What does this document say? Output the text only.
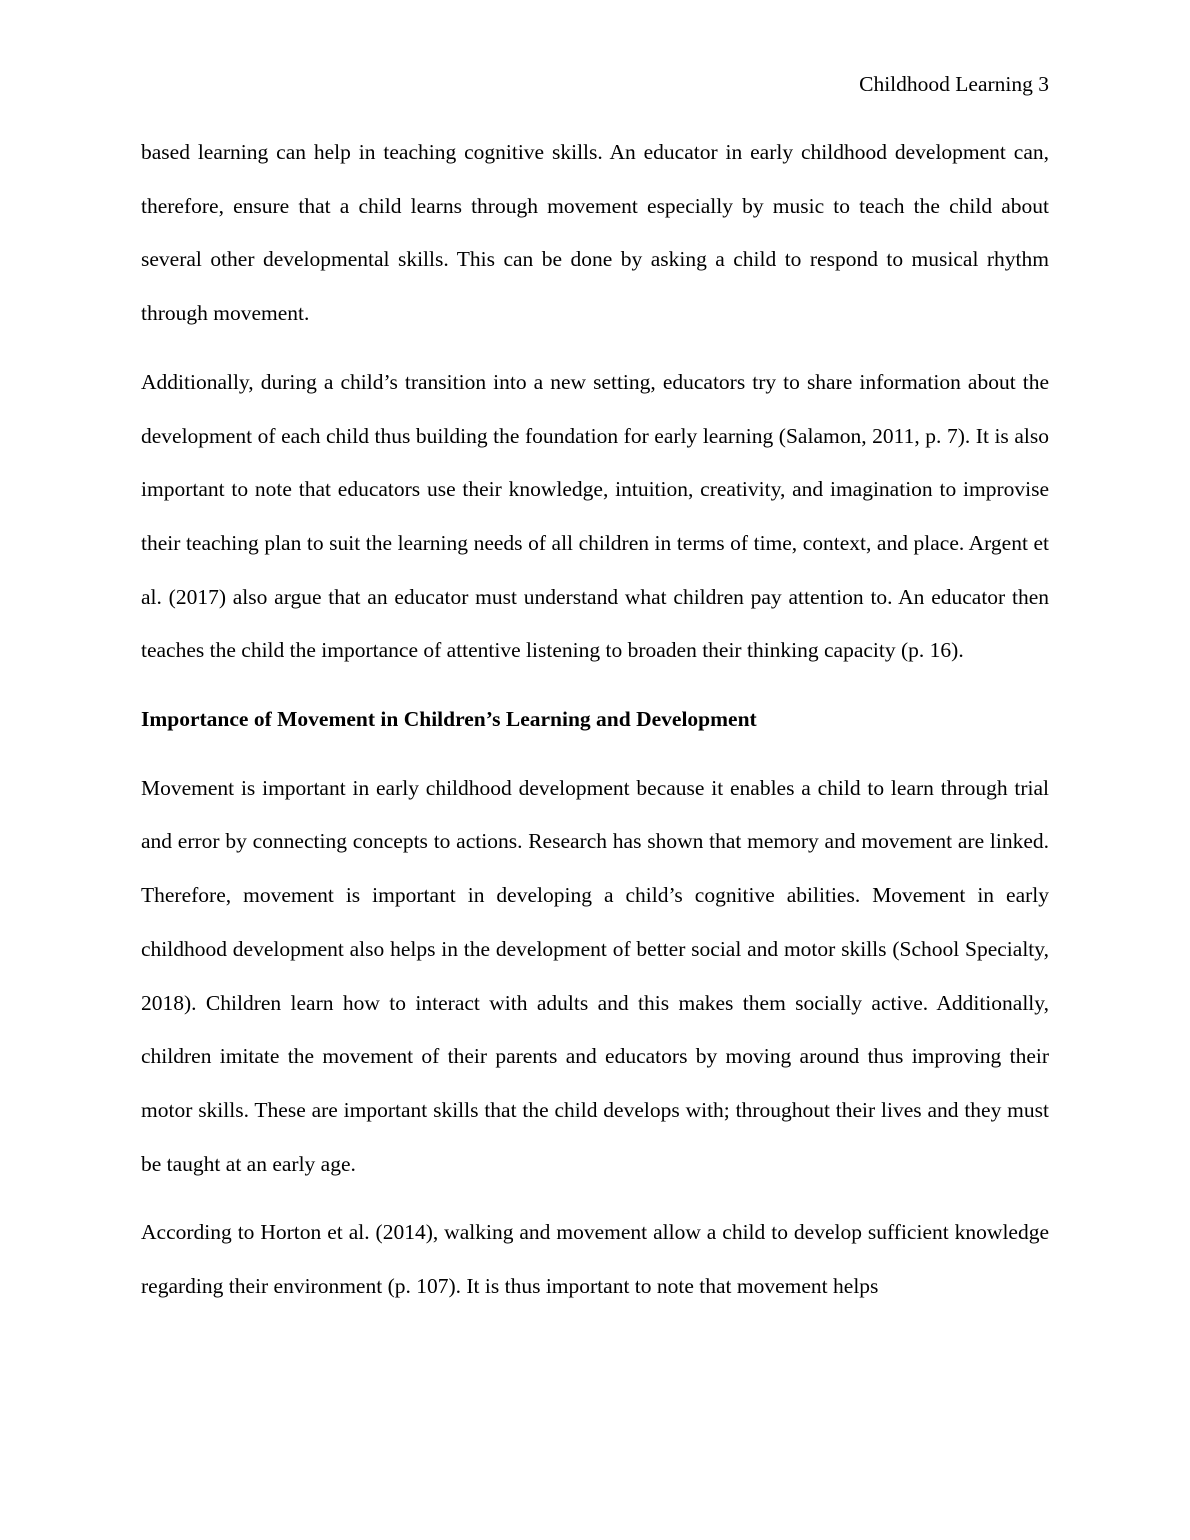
Childhood Learning 3

based learning can help in teaching cognitive skills. An educator in early childhood development can, therefore, ensure that a child learns through movement especially by music to teach the child about several other developmental skills. This can be done by asking a child to respond to musical rhythm through movement.

Additionally, during a child’s transition into a new setting, educators try to share information about the development of each child thus building the foundation for early learning (Salamon, 2011, p. 7). It is also important to note that educators use their knowledge, intuition, creativity, and imagination to improvise their teaching plan to suit the learning needs of all children in terms of time, context, and place. Argent et al. (2017) also argue that an educator must understand what children pay attention to. An educator then teaches the child the importance of attentive listening to broaden their thinking capacity (p. 16).

Importance of Movement in Children’s Learning and Development

Movement is important in early childhood development because it enables a child to learn through trial and error by connecting concepts to actions. Research has shown that memory and movement are linked. Therefore, movement is important in developing a child’s cognitive abilities. Movement in early childhood development also helps in the development of better social and motor skills (School Specialty, 2018). Children learn how to interact with adults and this makes them socially active. Additionally, children imitate the movement of their parents and educators by moving around thus improving their motor skills. These are important skills that the child develops with; throughout their lives and they must be taught at an early age.

According to Horton et al. (2014), walking and movement allow a child to develop sufficient knowledge regarding their environment (p. 107). It is thus important to note that movement helps
